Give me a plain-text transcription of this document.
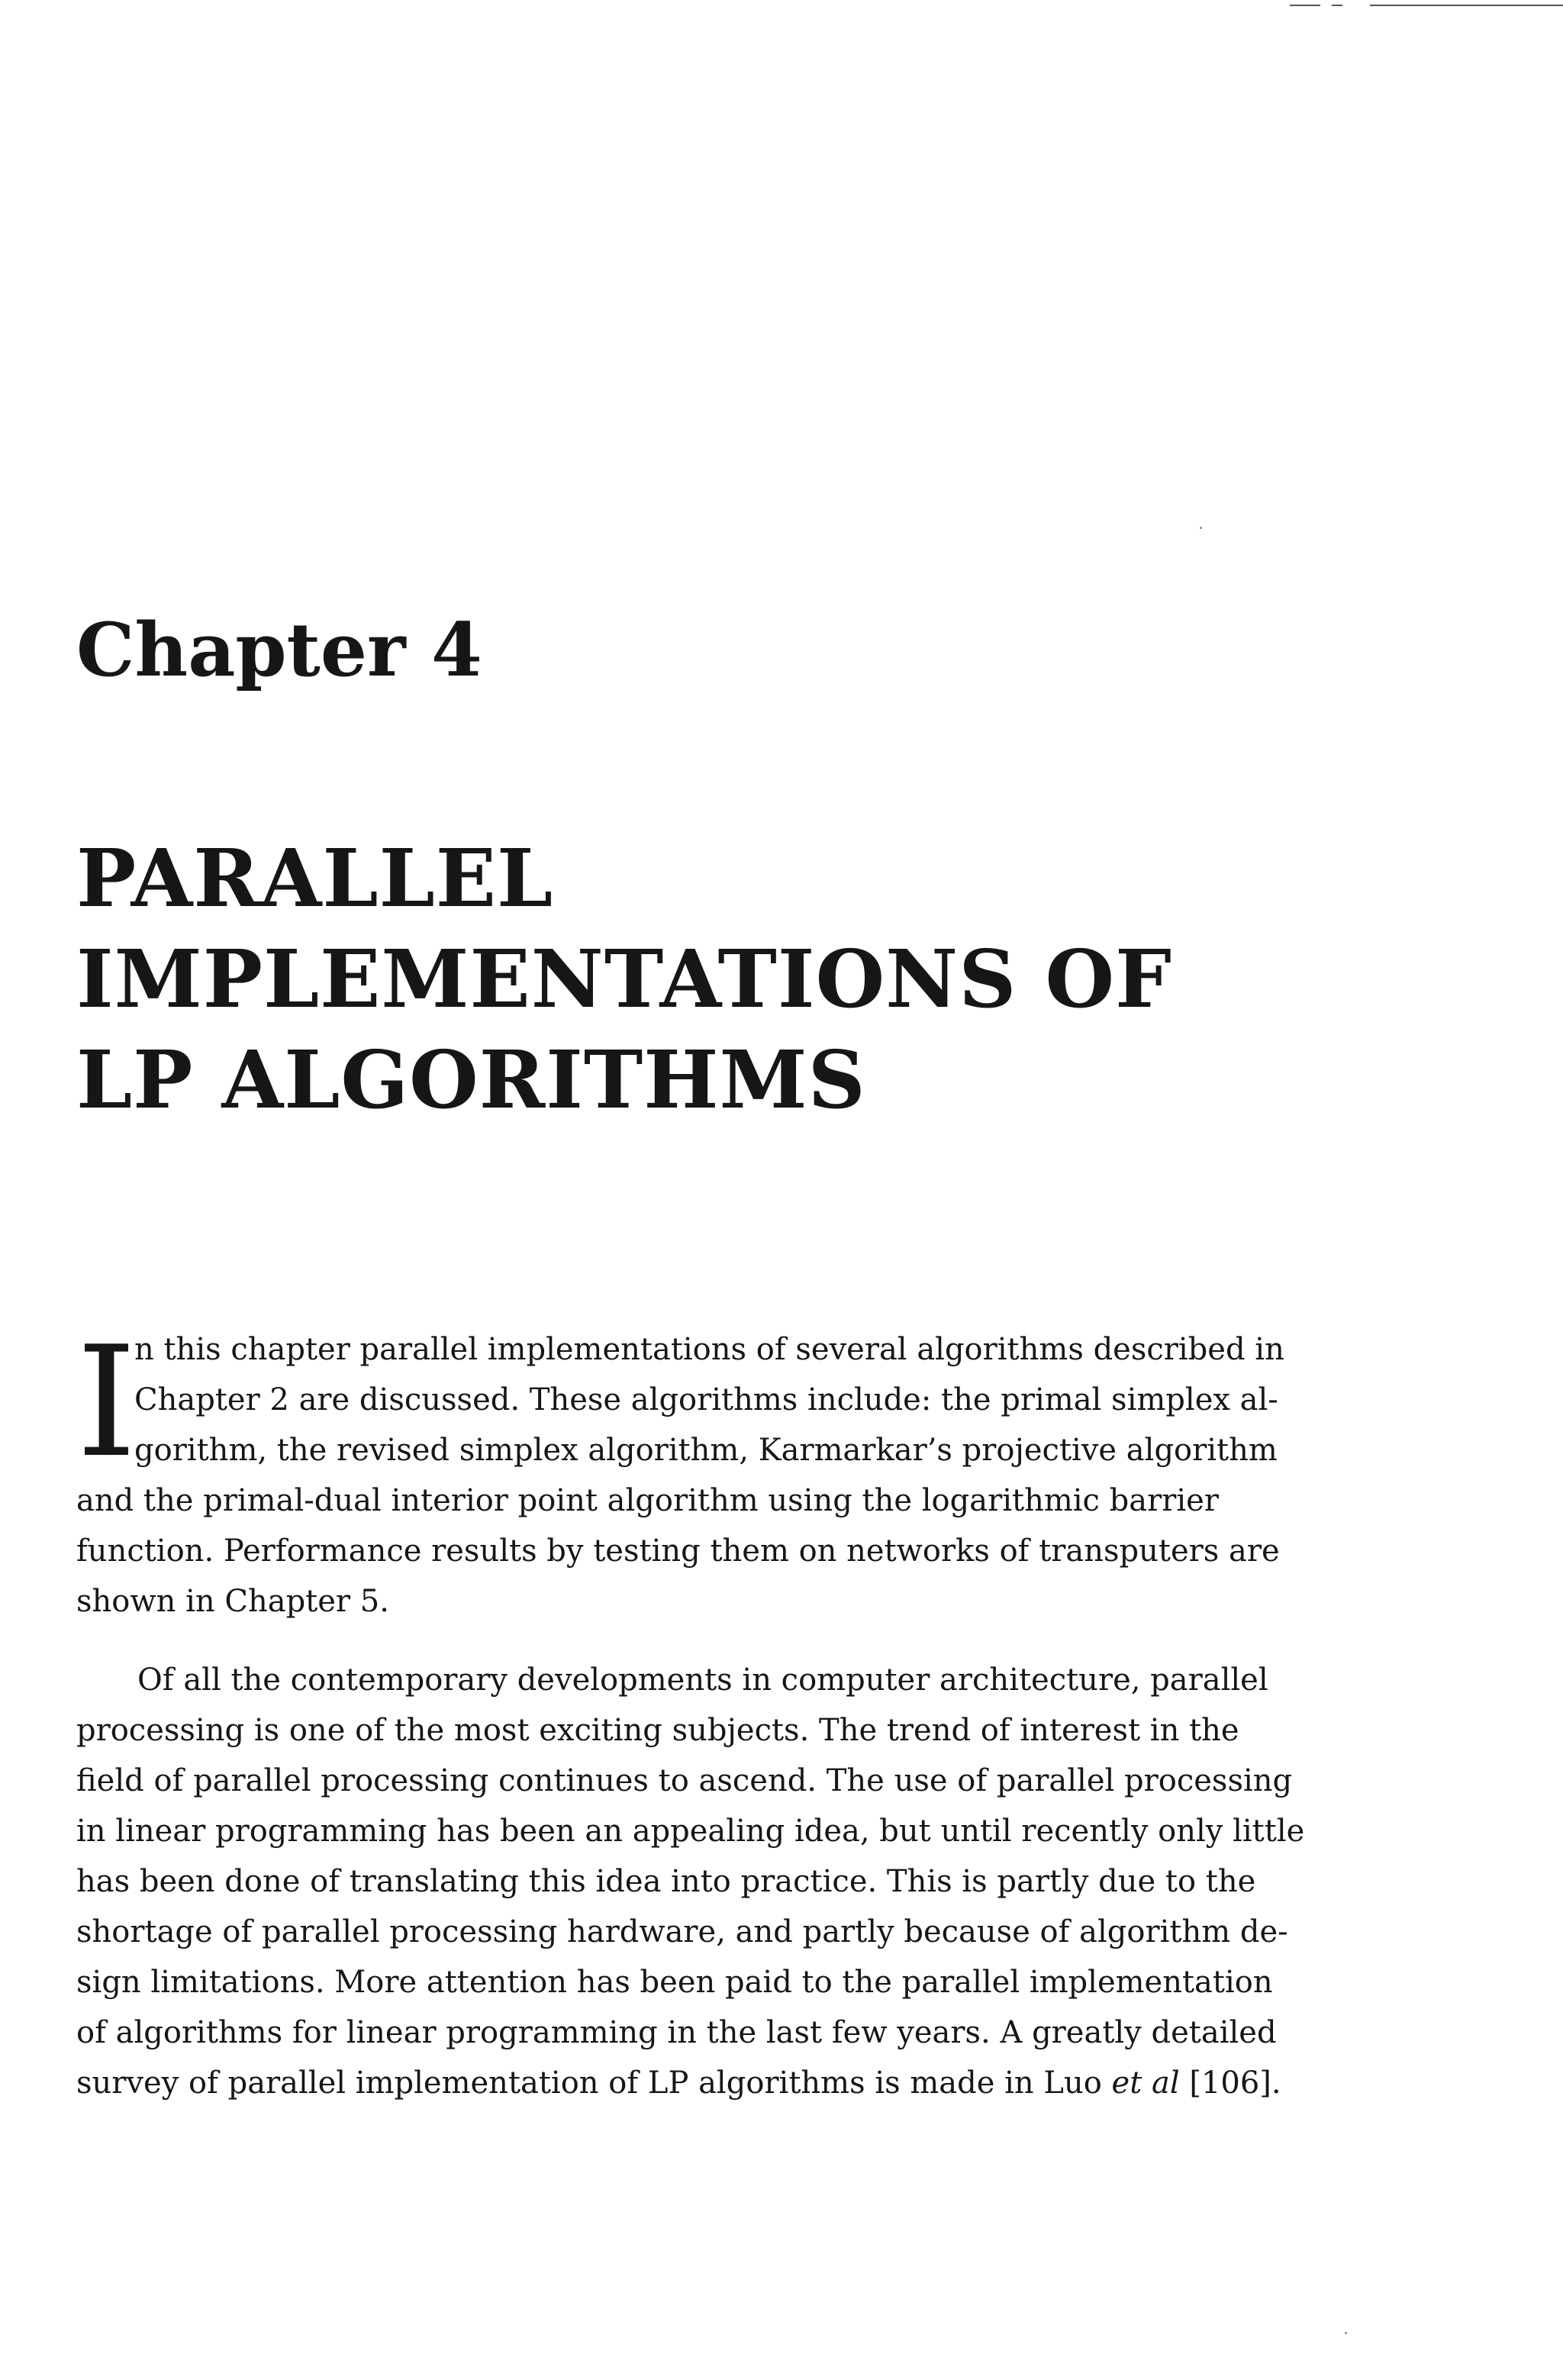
Chapter 4
PARALLEL
IMPLEMENTATIONS OF
LP ALGORITHMS
I
n this chapter parallel implementations of several algorithms described in
Chapter 2 are discussed. These algorithms include: the primal simplex al-
gorithm, the revised simplex algorithm, Karmarkar’s projective algorithm
and the primal-dual interior point algorithm using the logarithmic barrier
function. Performance results by testing them on networks of transputers are
shown in Chapter 5.
Of all the contemporary developments in computer architecture, parallel
processing is one of the most exciting subjects. The trend of interest in the
field of parallel processing continues to ascend. The use of parallel processing
in linear programming has been an appealing idea, but until recently only little
has been done of translating this idea into practice. This is partly due to the
shortage of parallel processing hardware, and partly because of algorithm de-
sign limitations. More attention has been paid to the parallel implementation
of algorithms for linear programming in the last few years. A greatly detailed
survey of parallel implementation of LP algorithms is made in Luo et al [106].
